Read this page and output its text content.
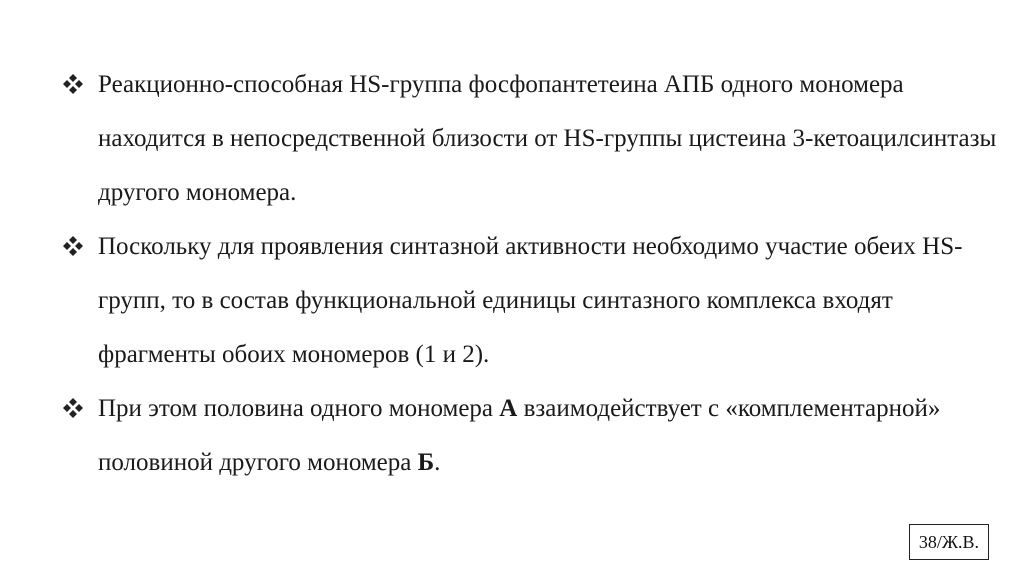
Реакционно-способная HS-группа фосфопантетеина АПБ одного мономера находится в непосредственной близости от HS-группы цистеина 3-кетоацилсинтазы другого мономера.
Поскольку для проявления синтазной активности необходимо участие обеих HS-групп, то в состав функциональной единицы синтазного комплекса входят фрагменты обоих мономеров (1 и 2).
При этом половина одного мономера А взаимодействует с «комплементарной» половиной другого мономера Б.
38/Ж.В.
